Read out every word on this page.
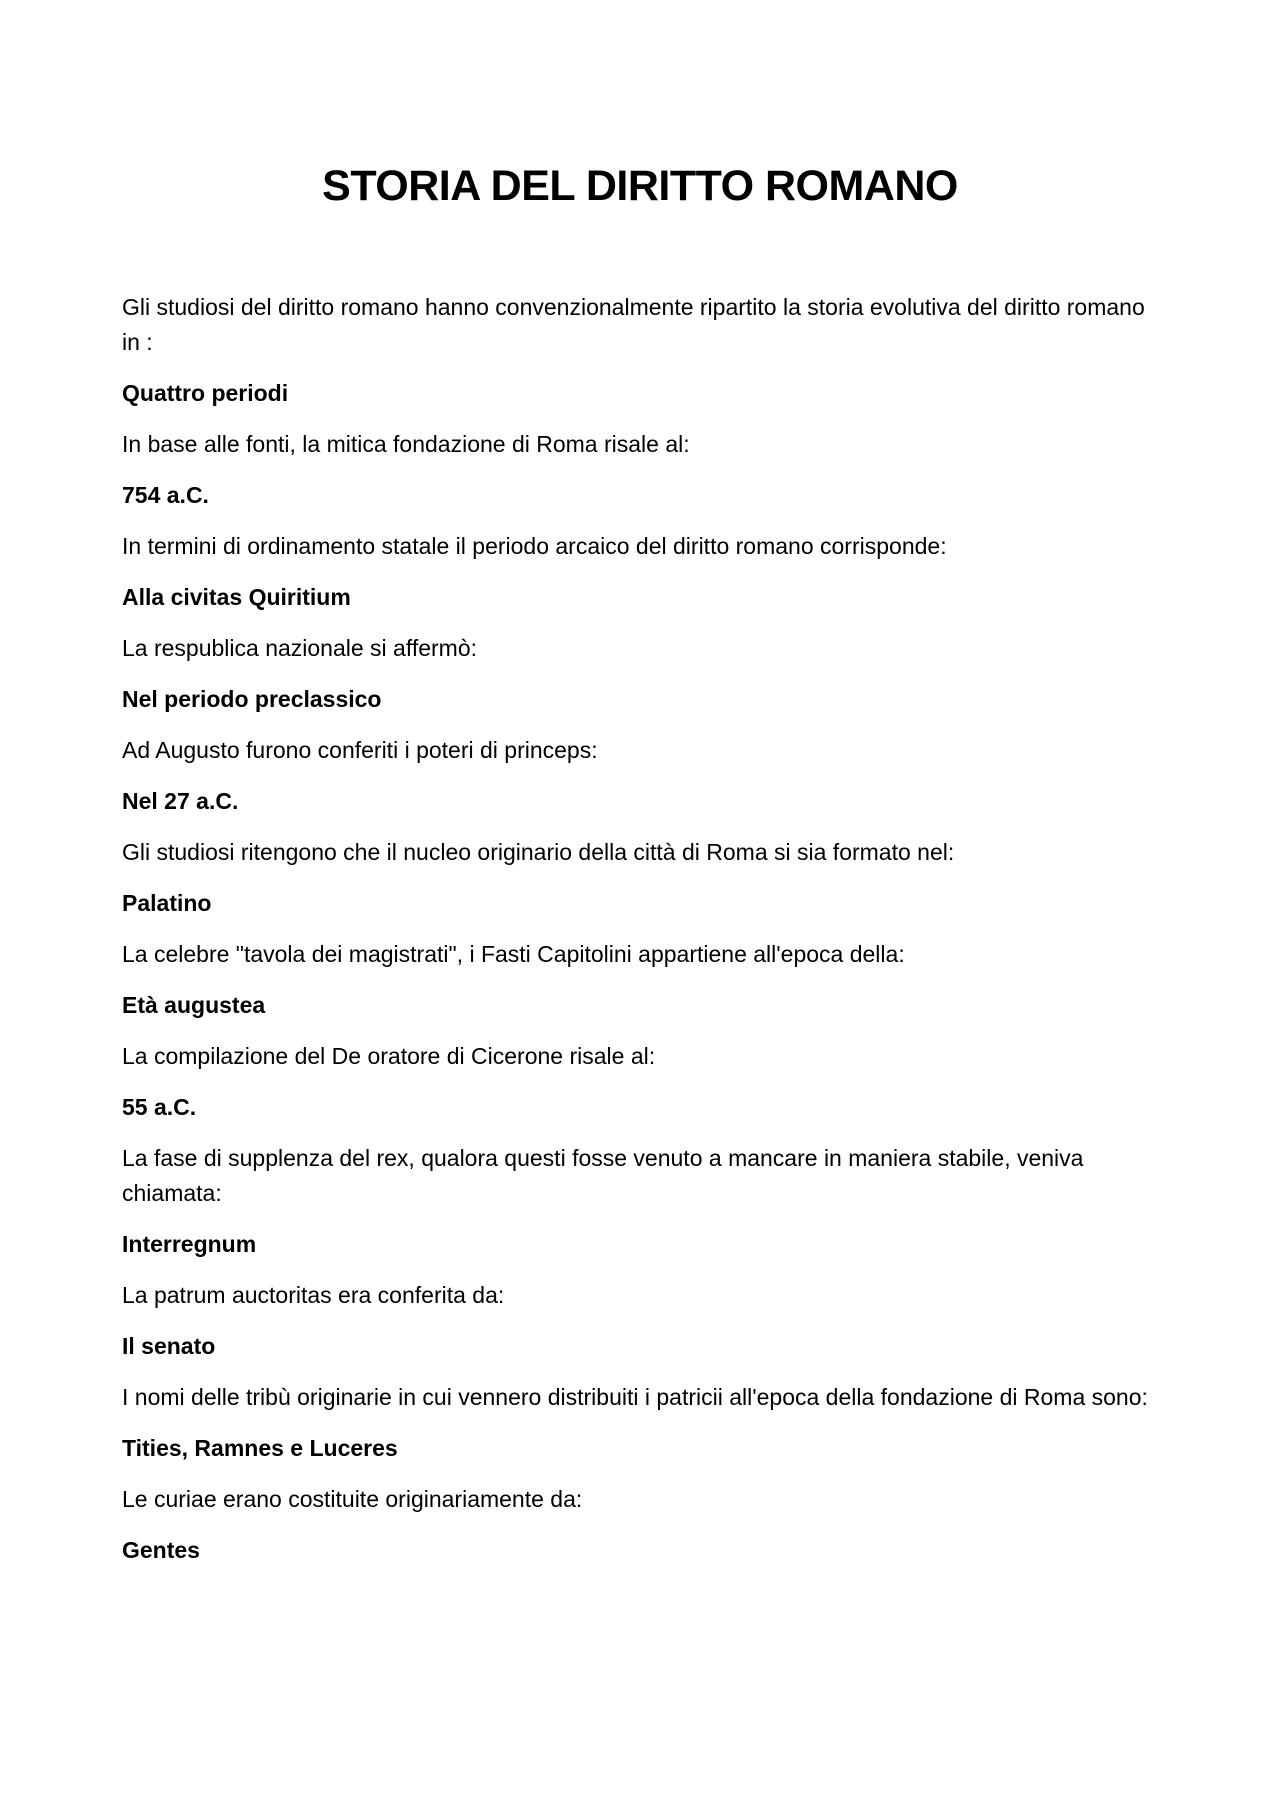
STORIA DEL DIRITTO ROMANO

Gli studiosi del diritto romano hanno convenzionalmente ripartito la storia evolutiva del diritto romano in :

Quattro periodi

In base alle fonti, la mitica fondazione di Roma risale al:

754 a.C.

In termini di ordinamento statale il periodo arcaico del diritto romano corrisponde:

Alla civitas Quiritium

La respublica nazionale si affermò:

Nel periodo preclassico

Ad Augusto furono conferiti i poteri di princeps:

Nel 27 a.C.

Gli studiosi ritengono che il nucleo originario della città di Roma si sia formato nel:

Palatino

La celebre "tavola dei magistrati", i Fasti Capitolini appartiene all'epoca della:

Età augustea

La compilazione del De oratore di Cicerone risale al:

55 a.C.

La fase di supplenza del rex, qualora questi fosse venuto a mancare in maniera stabile, veniva chiamata:

Interregnum

La patrum auctoritas era conferita da:

Il senato

I nomi delle tribù originarie in cui vennero distribuiti i patricii all'epoca della fondazione di Roma sono:

Tities, Ramnes e Luceres

Le curiae erano costituite originariamente da:

Gentes
